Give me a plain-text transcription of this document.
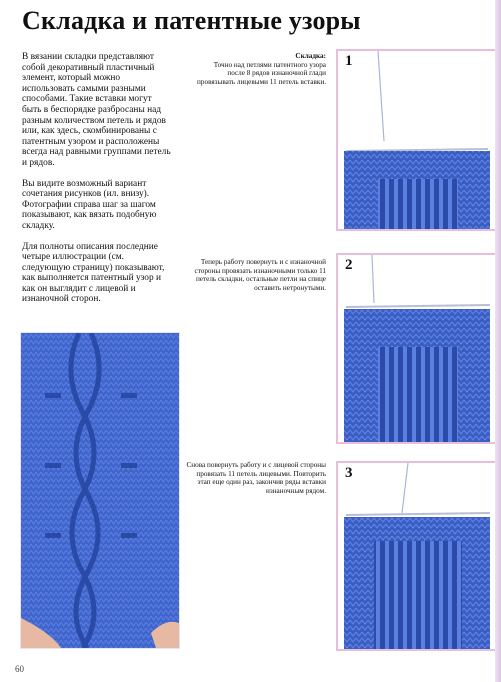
Складка и патентные узоры

В вязании складки представляют собой декоративный пластичный элемент, который можно использовать самыми разными способами. Такие вставки могут быть в беспорядке разбросаны над разным количеством петель и рядов или, как здесь, скомбинированы с патентным узором и расположены всегда над равными группами петель и рядов.

Вы видите возможный вариант сочетания рисунков (ил. внизу). Фотографии справа шаг за шагом показывают, как вязать подобную складку.

Для полноты описания последние четыре иллюстрации (см. следующую страницу) показывают, как выполняется патентный узор и как он выглядит с лицевой и изнаночной сторон.

Складка:
Точно над петлями патентного узора после 8 рядов изнаночной глади провязывать лицевыми 11 петель вставки.
Теперь работу повернуть и с изнаночной стороны провязать изнаночными только 11 петель складки, остальные петли на спице оставить нетронутыми.
Снова повернуть работу и с лицевой стороны провязать 11 петель лицевыми. Повторить этап еще один раз, закончив ряды вставки изнаночным рядом.
1
2
3
60
